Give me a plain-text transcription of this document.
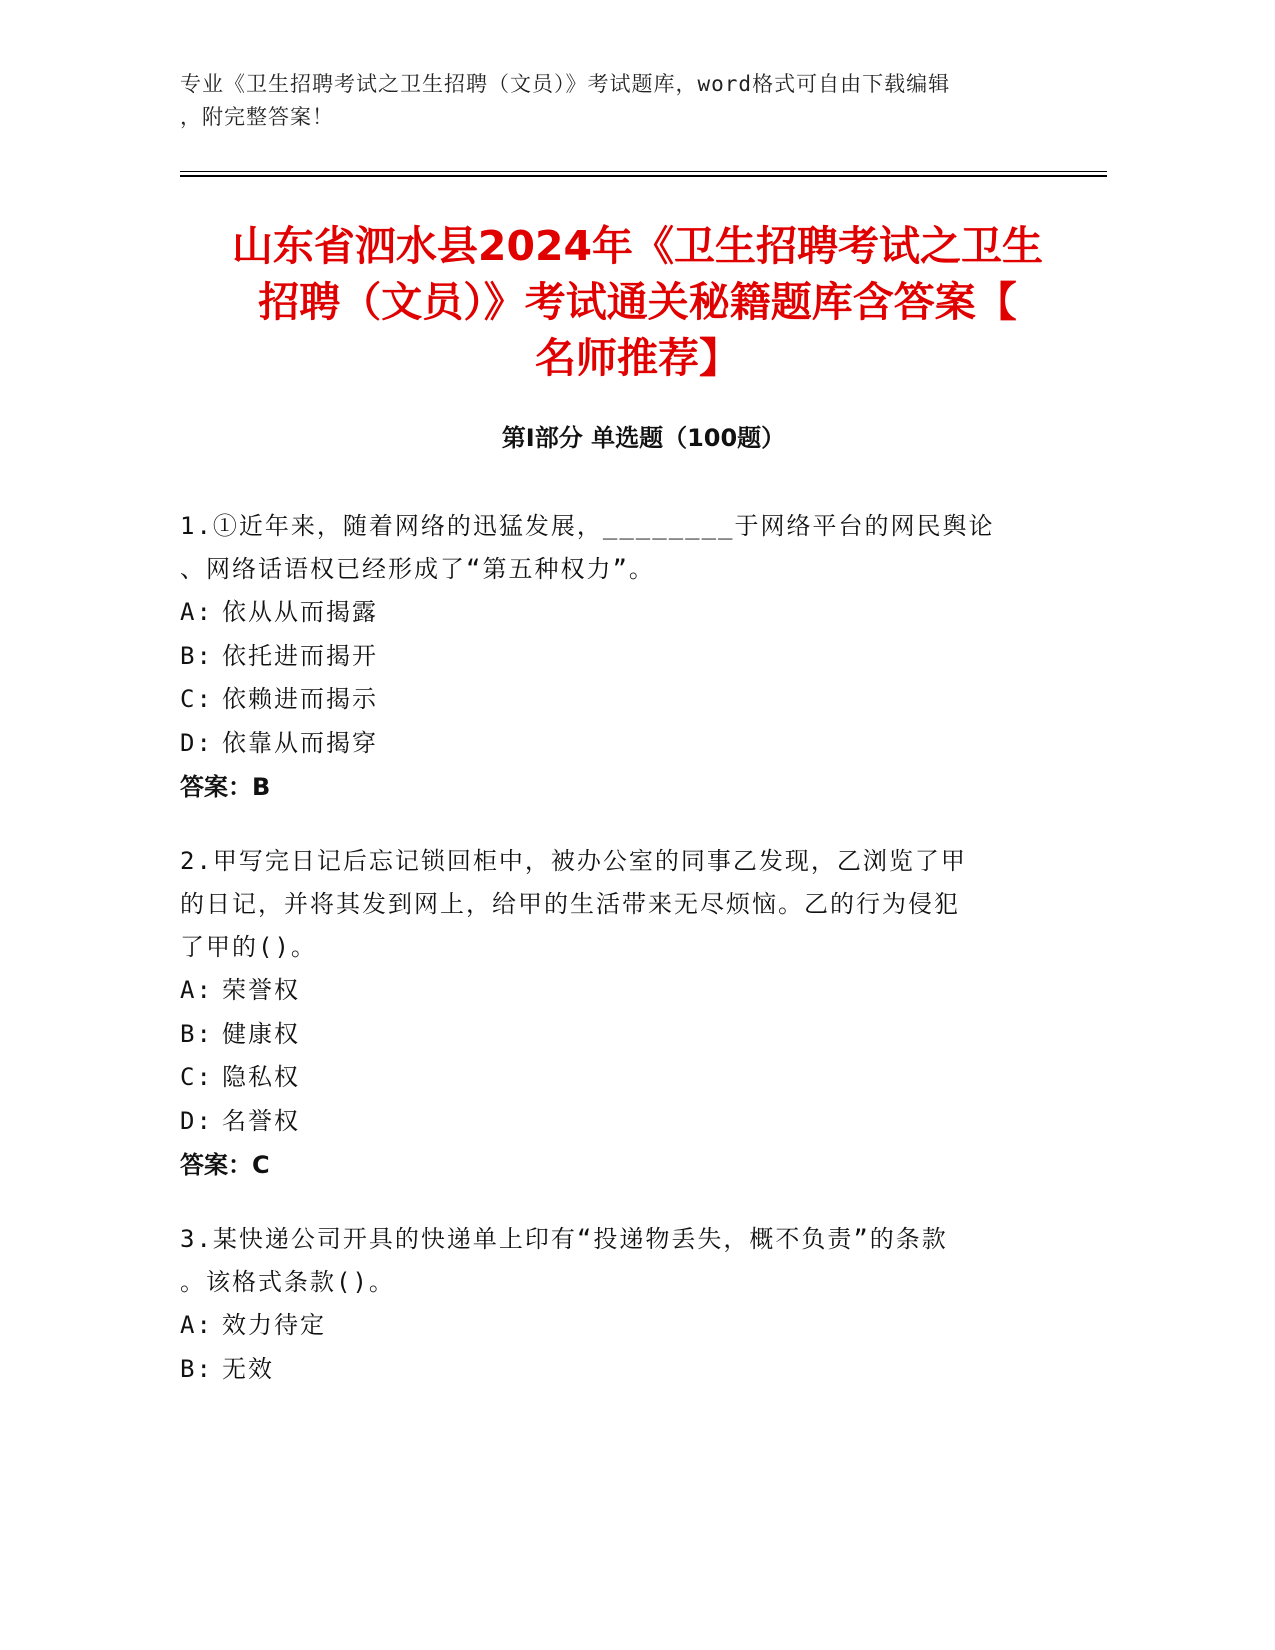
专业《卫生招聘考试之卫生招聘（文员）》考试题库，word格式可自由下载编辑
，附完整答案！
山东省泗水县2024年《卫生招聘考试之卫生
招聘（文员）》考试通关秘籍题库含答案【
名师推荐】
第Ⅰ部分 单选题（100题）
1.①近年来，随着网络的迅猛发展，________于网络平台的网民舆论
、网络话语权已经形成了“第五种权力”。
A: 依从从而揭露
B: 依托进而揭开
C: 依赖进而揭示
D: 依靠从而揭穿
答案：B
2.甲写完日记后忘记锁回柜中，被办公室的同事乙发现，乙浏览了甲
的日记，并将其发到网上，给甲的生活带来无尽烦恼。乙的行为侵犯
了甲的()。
A: 荣誉权
B: 健康权
C: 隐私权
D: 名誉权
答案：C
3.某快递公司开具的快递单上印有“投递物丢失，概不负责”的条款
。该格式条款()。
A: 效力待定
B: 无效
